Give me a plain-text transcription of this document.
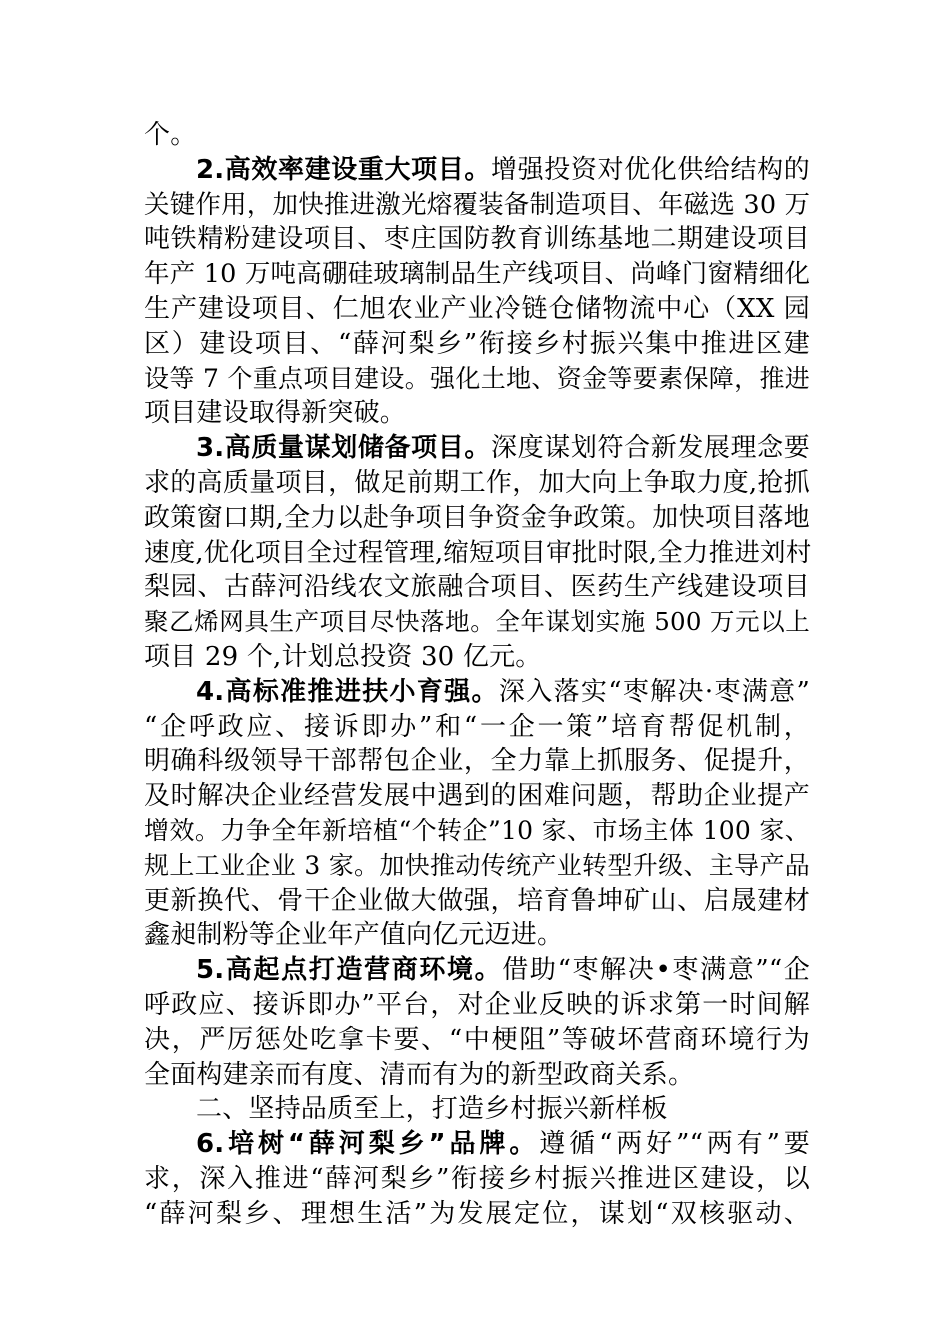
个。
2.高效率建设重大项目。增强投资对优化供给结构的
关键作用，加快推进激光熔覆装备制造项目、年磁选 30 万
吨铁精粉建设项目、枣庄国防教育训练基地二期建设项目
年产 10 万吨高硼硅玻璃制品生产线项目、尚峰门窗精细化
生产建设项目、仁旭农业产业冷链仓储物流中心（XX 园
区）建设项目、“薛河梨乡”衔接乡村振兴集中推进区建
设等 7 个重点项目建设。强化土地、资金等要素保障，推进
项目建设取得新突破。
3.高质量谋划储备项目。深度谋划符合新发展理念要
求的高质量项目，做足前期工作，加大向上争取力度,抢抓
政策窗口期,全力以赴争项目争资金争政策。加快项目落地
速度,优化项目全过程管理,缩短项目审批时限,全力推进刘村
梨园、古薛河沿线农文旅融合项目、医药生产线建设项目
聚乙烯网具生产项目尽快落地。全年谋划实施 500 万元以上
项目 29 个,计划总投资 30 亿元。
4.高标准推进扶小育强。深入落实“枣解决·枣满意”
“企呼政应、接诉即办”和“一企一策”培育帮促机制，
明确科级领导干部帮包企业，全力靠上抓服务、促提升，
及时解决企业经营发展中遇到的困难问题，帮助企业提产
增效。力争全年新培植“个转企”10 家、市场主体 100 家、
规上工业企业 3 家。加快推动传统产业转型升级、主导产品
更新换代、骨干企业做大做强，培育鲁坤矿山、启晟建材
鑫昶制粉等企业年产值向亿元迈进。
5.高起点打造营商环境。借助“枣解决•枣满意”“企
呼政应、接诉即办”平台，对企业反映的诉求第一时间解
决，严厉惩处吃拿卡要、“中梗阻”等破坏营商环境行为
全面构建亲而有度、清而有为的新型政商关系。
二、坚持品质至上，打造乡村振兴新样板
6.培树“薛河梨乡”品牌。遵循“两好”“两有”要
求，深入推进“薛河梨乡”衔接乡村振兴推进区建设，以
“薛河梨乡、理想生活”为发展定位，谋划“双核驱动、
